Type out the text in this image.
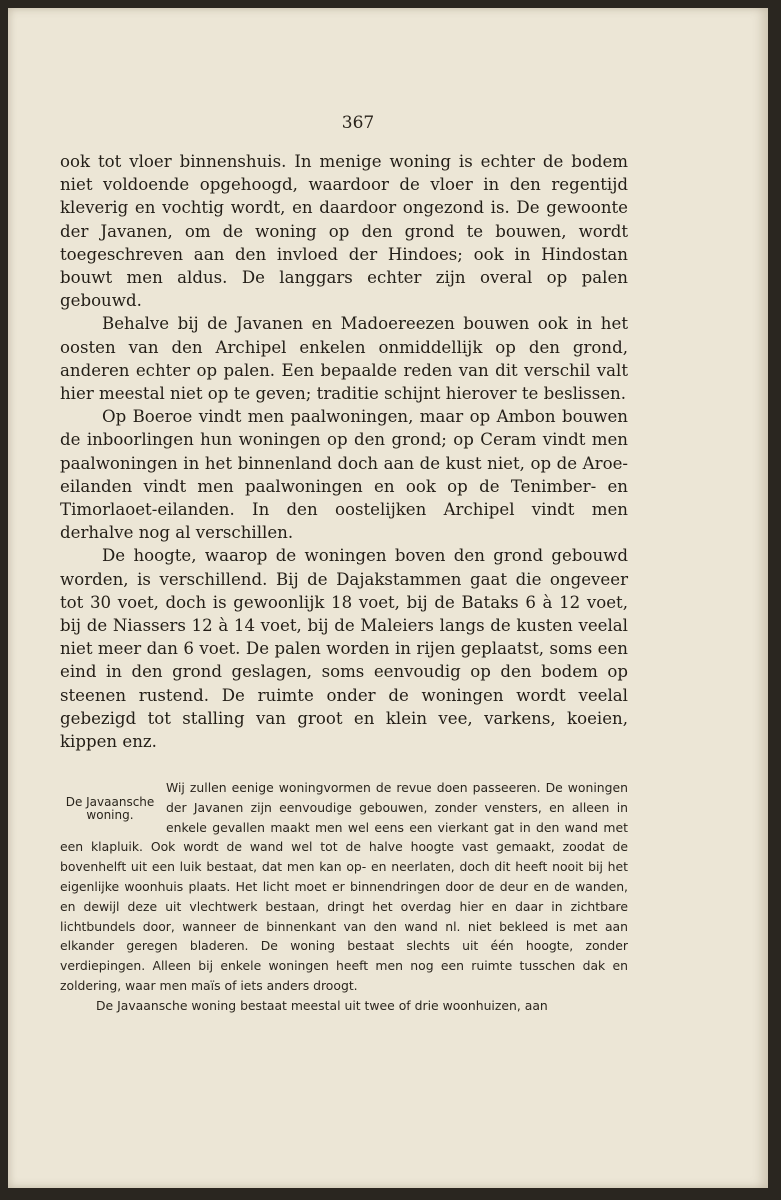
367

ook tot vloer binnenshuis. In menige woning is echter de bodem niet voldoende opgehoogd, waardoor de vloer in den regentijd kleverig en vochtig wordt, en daardoor ongezond is. De gewoonte der Javanen, om de woning op den grond te bouwen, wordt toegeschreven aan den invloed der Hindoes; ook in Hindostan bouwt men aldus. De langgars echter zijn overal op palen gebouwd.

Behalve bij de Javanen en Madoereezen bouwen ook in het oosten van den Archipel enkelen onmiddellijk op den grond, anderen echter op palen. Een bepaalde reden van dit verschil valt hier meestal niet op te geven; traditie schijnt hierover te beslissen.

Op Boeroe vindt men paalwoningen, maar op Ambon bouwen de inboorlingen hun woningen op den grond; op Ceram vindt men paalwoningen in het binnenland doch aan de kust niet, op de Aroe-eilanden vindt men paalwoningen en ook op de Tenimber- en Timorlaoet-eilanden. In den oostelijken Archipel vindt men derhalve nog al verschillen.

De hoogte, waarop de woningen boven den grond gebouwd worden, is verschillend. Bij de Dajakstammen gaat die ongeveer tot 30 voet, doch is gewoonlijk 18 voet, bij de Bataks 6 à 12 voet, bij de Niassers 12 à 14 voet, bij de Maleiers langs de kusten veelal niet meer dan 6 voet. De palen worden in rijen geplaatst, soms een eind in den grond geslagen, soms eenvoudig op den bodem op steenen rustend. De ruimte onder de woningen wordt veelal gebezigd tot stalling van groot en klein vee, varkens, koeien, kippen enz.

De Javaansche woning.

Wij zullen eenige woningvormen de revue doen passeeren. De woningen der Javanen zijn eenvoudige gebouwen, zonder vensters, en alleen in enkele gevallen maakt men wel eens een vierkant gat in den wand met een klapluik. Ook wordt de wand wel tot de halve hoogte vast gemaakt, zoodat de bovenhelft uit een luik bestaat, dat men kan op- en neerlaten, doch dit heeft nooit bij het eigenlijke woonhuis plaats. Het licht moet er binnendringen door de deur en de wanden, en dewijl deze uit vlechtwerk bestaan, dringt het overdag hier en daar in zichtbare lichtbundels door, wanneer de binnenkant van den wand nl. niet bekleed is met aan elkander geregen bladeren. De woning bestaat slechts uit één hoogte, zonder verdiepingen. Alleen bij enkele woningen heeft men nog een ruimte tusschen dak en zoldering, waar men maïs of iets anders droogt.

De Javaansche woning bestaat meestal uit twee of drie woonhuizen, aan
